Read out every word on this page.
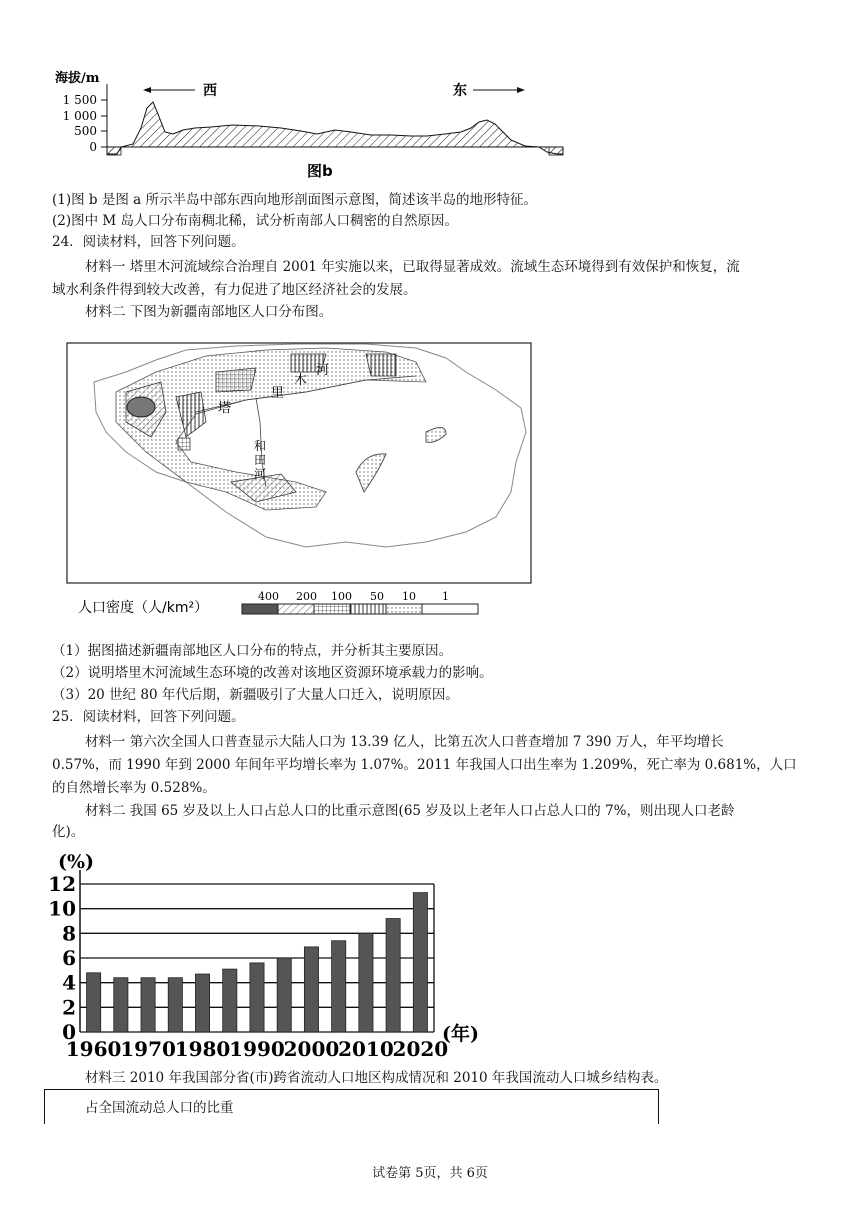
海拔/m
1 500
1 000
500
0
西	东
图b
(1)图 b 是图 a 所示半岛中部东西向地形剖面图示意图，简述该半岛的地形特征。
(2)图中 M 岛人口分布南稠北稀，试分析南部人口稠密的自然原因。
24．阅读材料，回答下列问题。
材料一 塔里木河流域综合治理自 2001 年实施以来，已取得显著成效。流域生态环境得到有效保护和恢复，流
域水利条件得到较大改善，有力促进了地区经济社会的发展。
材料二 下图为新疆南部地区人口分布图。
塔
里
木
河
和
田
河
人口密度（人/km²）
400 200 100 50 10 1
（1）据图描述新疆南部地区人口分布的特点，并分析其主要原因。
（2）说明塔里木河流域生态环境的改善对该地区资源环境承载力的影响。
（3）20 世纪 80 年代后期，新疆吸引了大量人口迁入，说明原因。
25．阅读材料，回答下列问题。
材料一 第六次全国人口普查显示大陆人口为 13.39 亿人，比第五次人口普查增加 7 390 万人，年平均增长
0.57%，而 1990 年到 2000 年间年平均增长率为 1.07%。2011 年我国人口出生率为 1.209%，死亡率为 0.681%，人口
的自然增长率为 0.528%。
材料二 我国 65 岁及以上人口占总人口的比重示意图(65 岁及以上老年人口占总人口的 7%，则出现人口老龄
化)。
(%)
0
2
4
6
8
10
12
1960
1970
1980
1990
2000
2010
2020
(年)
材料三 2010 年我国部分省(市)跨省流动人口地区构成情况和 2010 年我国流动人口城乡结构表。
占全国流动总人口的比重
试卷第 5页，共 6页
